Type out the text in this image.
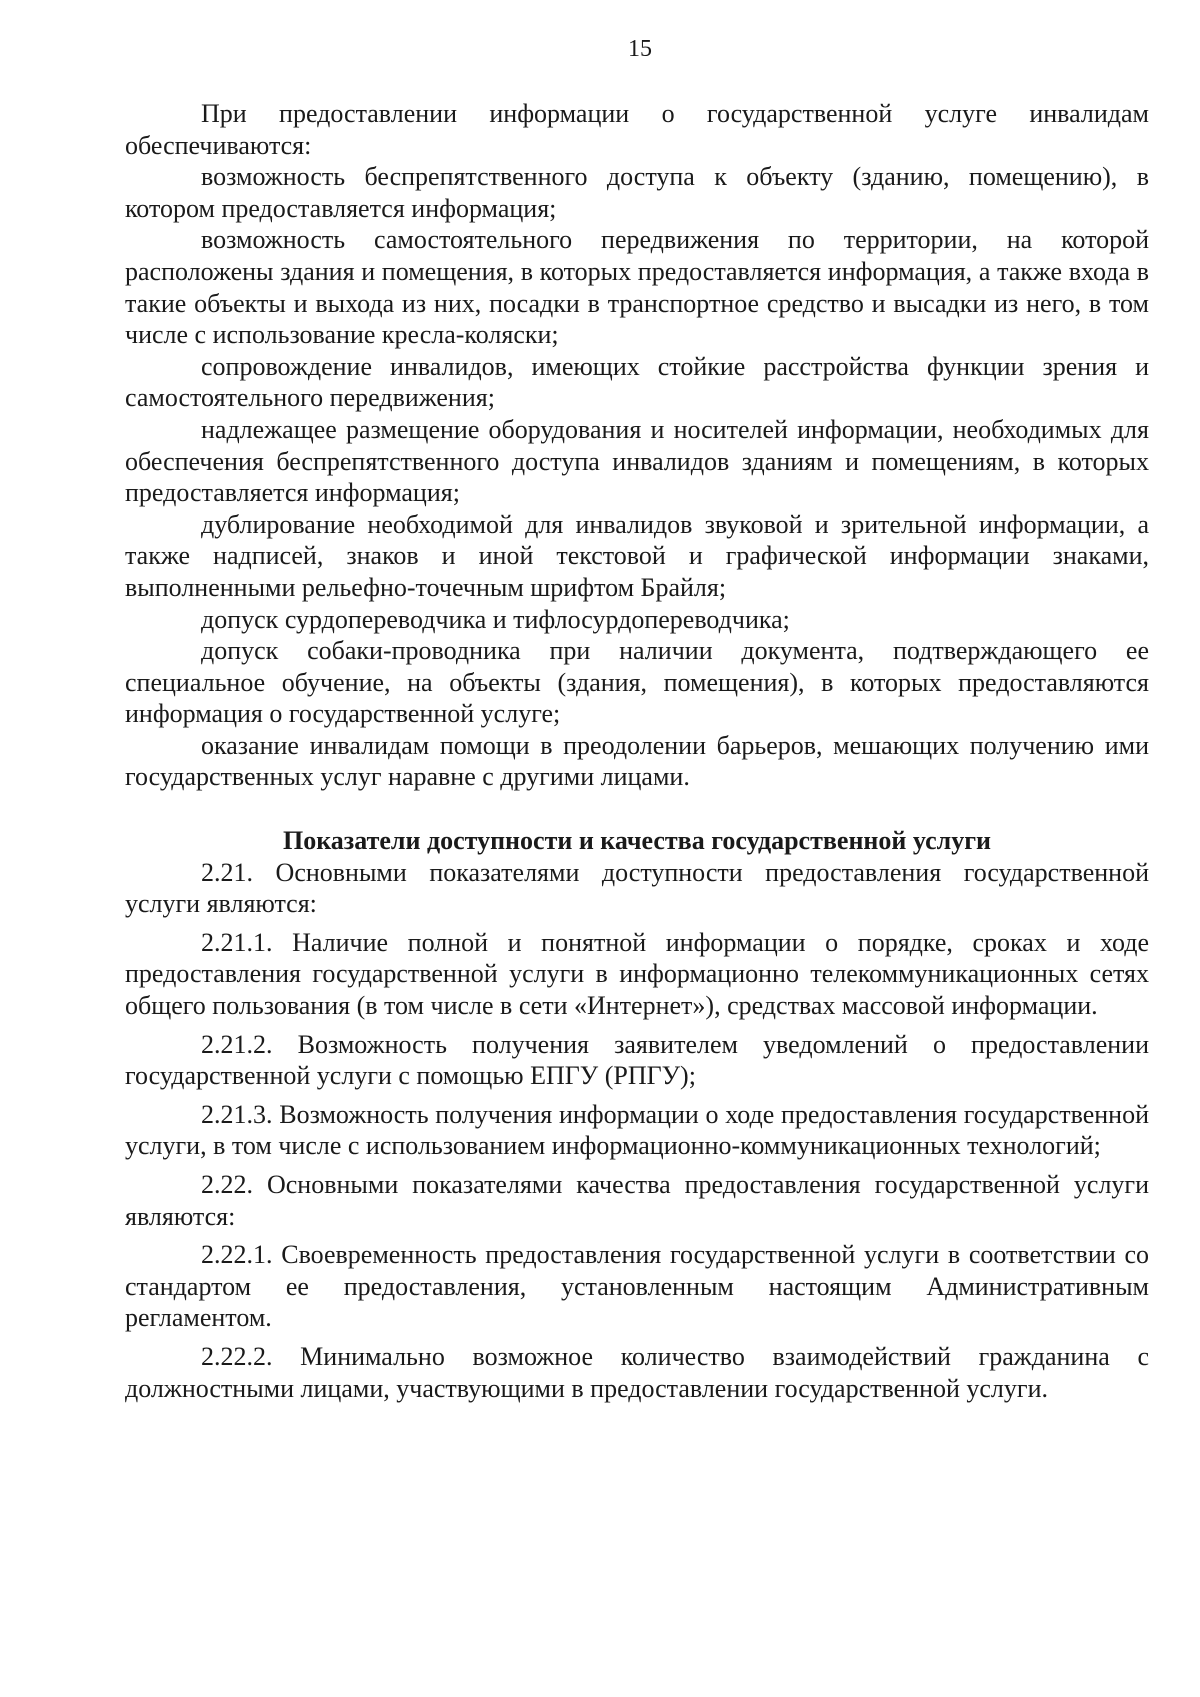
15

При предоставлении информации о государственной услуге инвалидам обеспечиваются:

возможность беспрепятственного доступа к объекту (зданию, помещению), в котором предоставляется информация;

возможность самостоятельного передвижения по территории, на которой расположены здания и помещения, в которых предоставляется информация, а также входа в такие объекты и выхода из них, посадки в транспортное средство и высадки из него, в том числе с использование кресла-коляски;

сопровождение инвалидов, имеющих стойкие расстройства функции зрения и самостоятельного передвижения;

надлежащее размещение оборудования и носителей информации, необходимых для обеспечения беспрепятственного доступа инвалидов зданиям и помещениям, в которых предоставляется информация;

дублирование необходимой для инвалидов звуковой и зрительной информации, а также надписей, знаков и иной текстовой и графической информации знаками, выполненными рельефно-точечным шрифтом Брайля;

допуск сурдопереводчика и тифлосурдопереводчика;

допуск собаки-проводника при наличии документа, подтверждающего ее специальное обучение, на объекты (здания, помещения), в которых предоставляются информация о государственной услуге;

оказание инвалидам помощи в преодолении барьеров, мешающих получению ими государственных услуг наравне с другими лицами.

Показатели доступности и качества государственной услуги

2.21. Основными показателями доступности предоставления государственной услуги являются:

2.21.1. Наличие полной и понятной информации о порядке, сроках и ходе предоставления государственной услуги в информационно телекоммуникационных сетях общего пользования (в том числе в сети «Интернет»), средствах массовой информации.

2.21.2. Возможность получения заявителем уведомлений о предоставлении государственной услуги с помощью ЕПГУ (РПГУ);

2.21.3. Возможность получения информации о ходе предоставления государственной услуги, в том числе с использованием информационно-коммуникационных технологий;

2.22. Основными показателями качества предоставления государственной услуги являются:

2.22.1. Своевременность предоставления государственной услуги в соответствии со стандартом ее предоставления, установленным настоящим Административным регламентом.

2.22.2. Минимально возможное количество взаимодействий гражданина с должностными лицами, участвующими в предоставлении государственной услуги.
